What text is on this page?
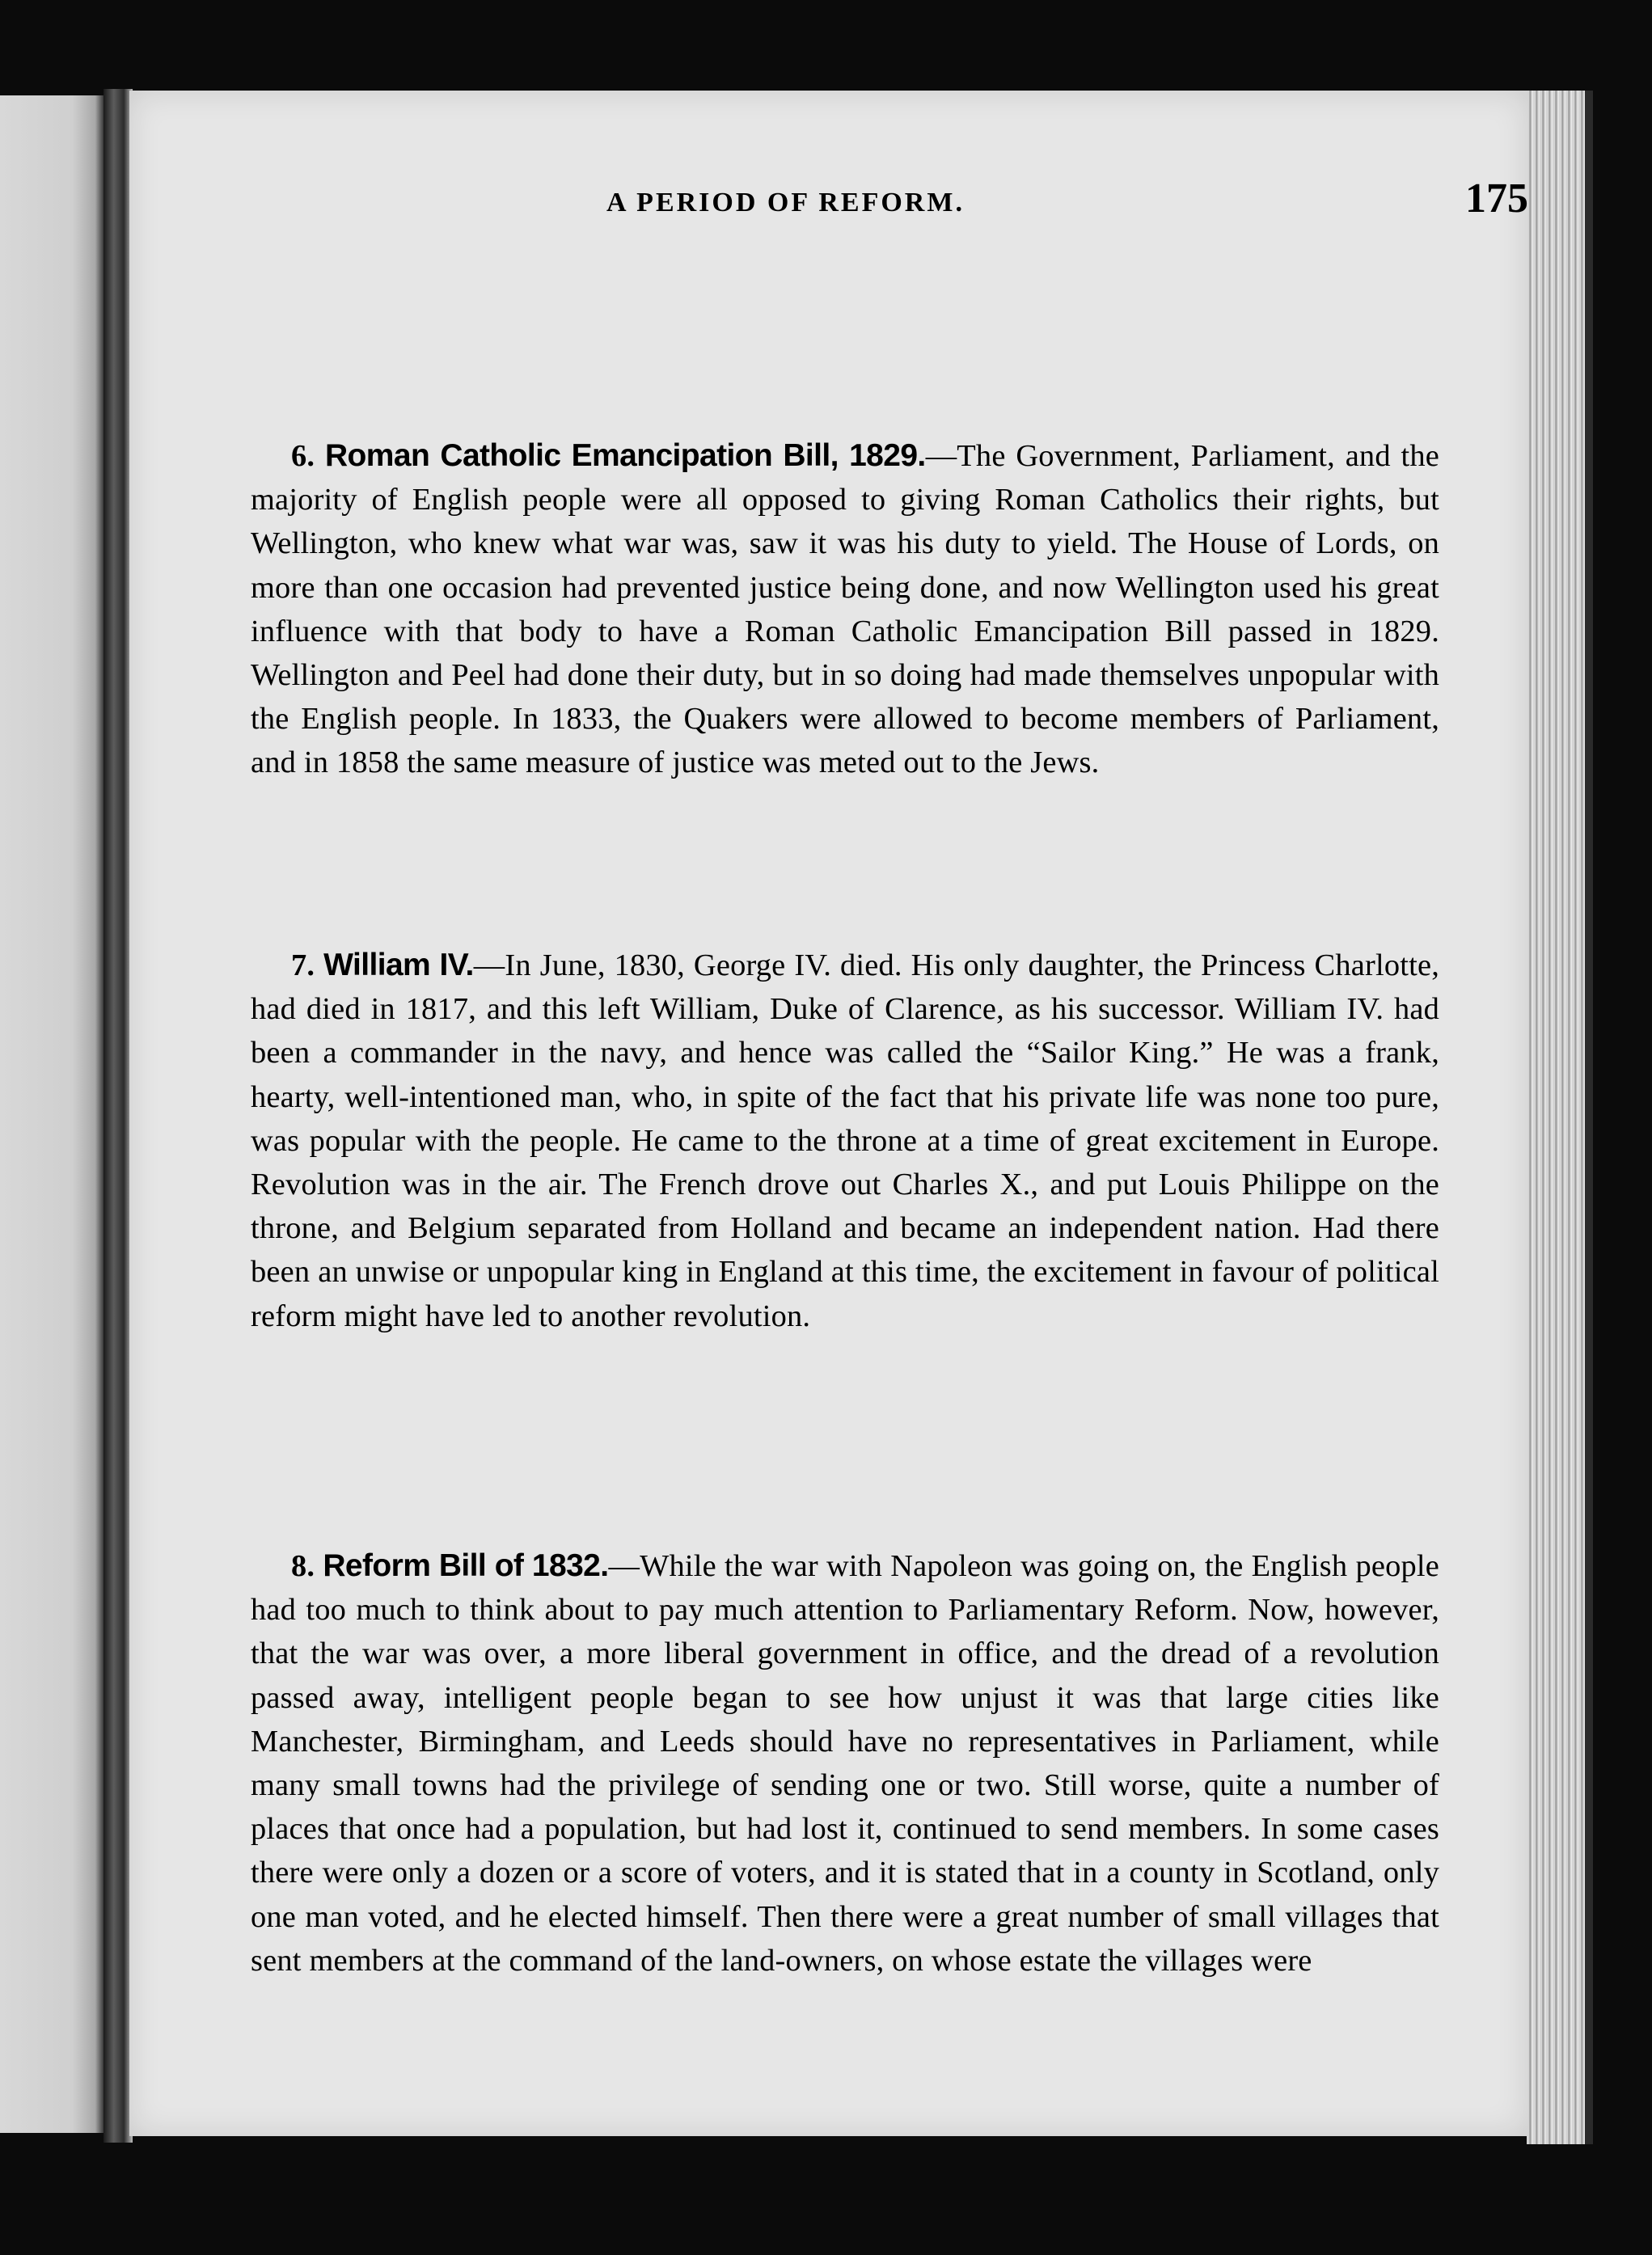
A PERIOD OF REFORM.	175

6. Roman Catholic Emancipation Bill, 1829.—The Government, Parliament, and the majority of English people were all opposed to giving Roman Catholics their rights, but Wellington, who knew what war was, saw it was his duty to yield. The House of Lords, on more than one occasion had prevented justice being done, and now Wellington used his great influence with that body to have a Roman Catholic Emancipation Bill passed in 1829. Wellington and Peel had done their duty, but in so doing had made themselves unpopular with the English people. In 1833, the Quakers were allowed to become members of Parliament, and in 1858 the same measure of justice was meted out to the Jews.

7. William IV.—In June, 1830, George IV. died. His only daughter, the Princess Charlotte, had died in 1817, and this left William, Duke of Clarence, as his successor. William IV. had been a commander in the navy, and hence was called the “Sailor King.” He was a frank, hearty, well-intentioned man, who, in spite of the fact that his private life was none too pure, was popular with the people. He came to the throne at a time of great excitement in Europe. Revolution was in the air. The French drove out Charles X., and put Louis Philippe on the throne, and Belgium separated from Holland and became an independent nation. Had there been an unwise or unpopular king in England at this time, the excitement in favour of political reform might have led to another revolution.

8. Reform Bill of 1832.—While the war with Napoleon was going on, the English people had too much to think about to pay much attention to Parliamentary Reform. Now, however, that the war was over, a more liberal government in office, and the dread of a revolution passed away, intelligent people began to see how unjust it was that large cities like Manchester, Birmingham, and Leeds should have no representatives in Parliament, while many small towns had the privilege of sending one or two. Still worse, quite a number of places that once had a population, but had lost it, continued to send members. In some cases there were only a dozen or a score of voters, and it is stated that in a county in Scotland, only one man voted, and he elected himself. Then there were a great number of small villages that sent members at the command of the land-owners, on whose estate the villages were
